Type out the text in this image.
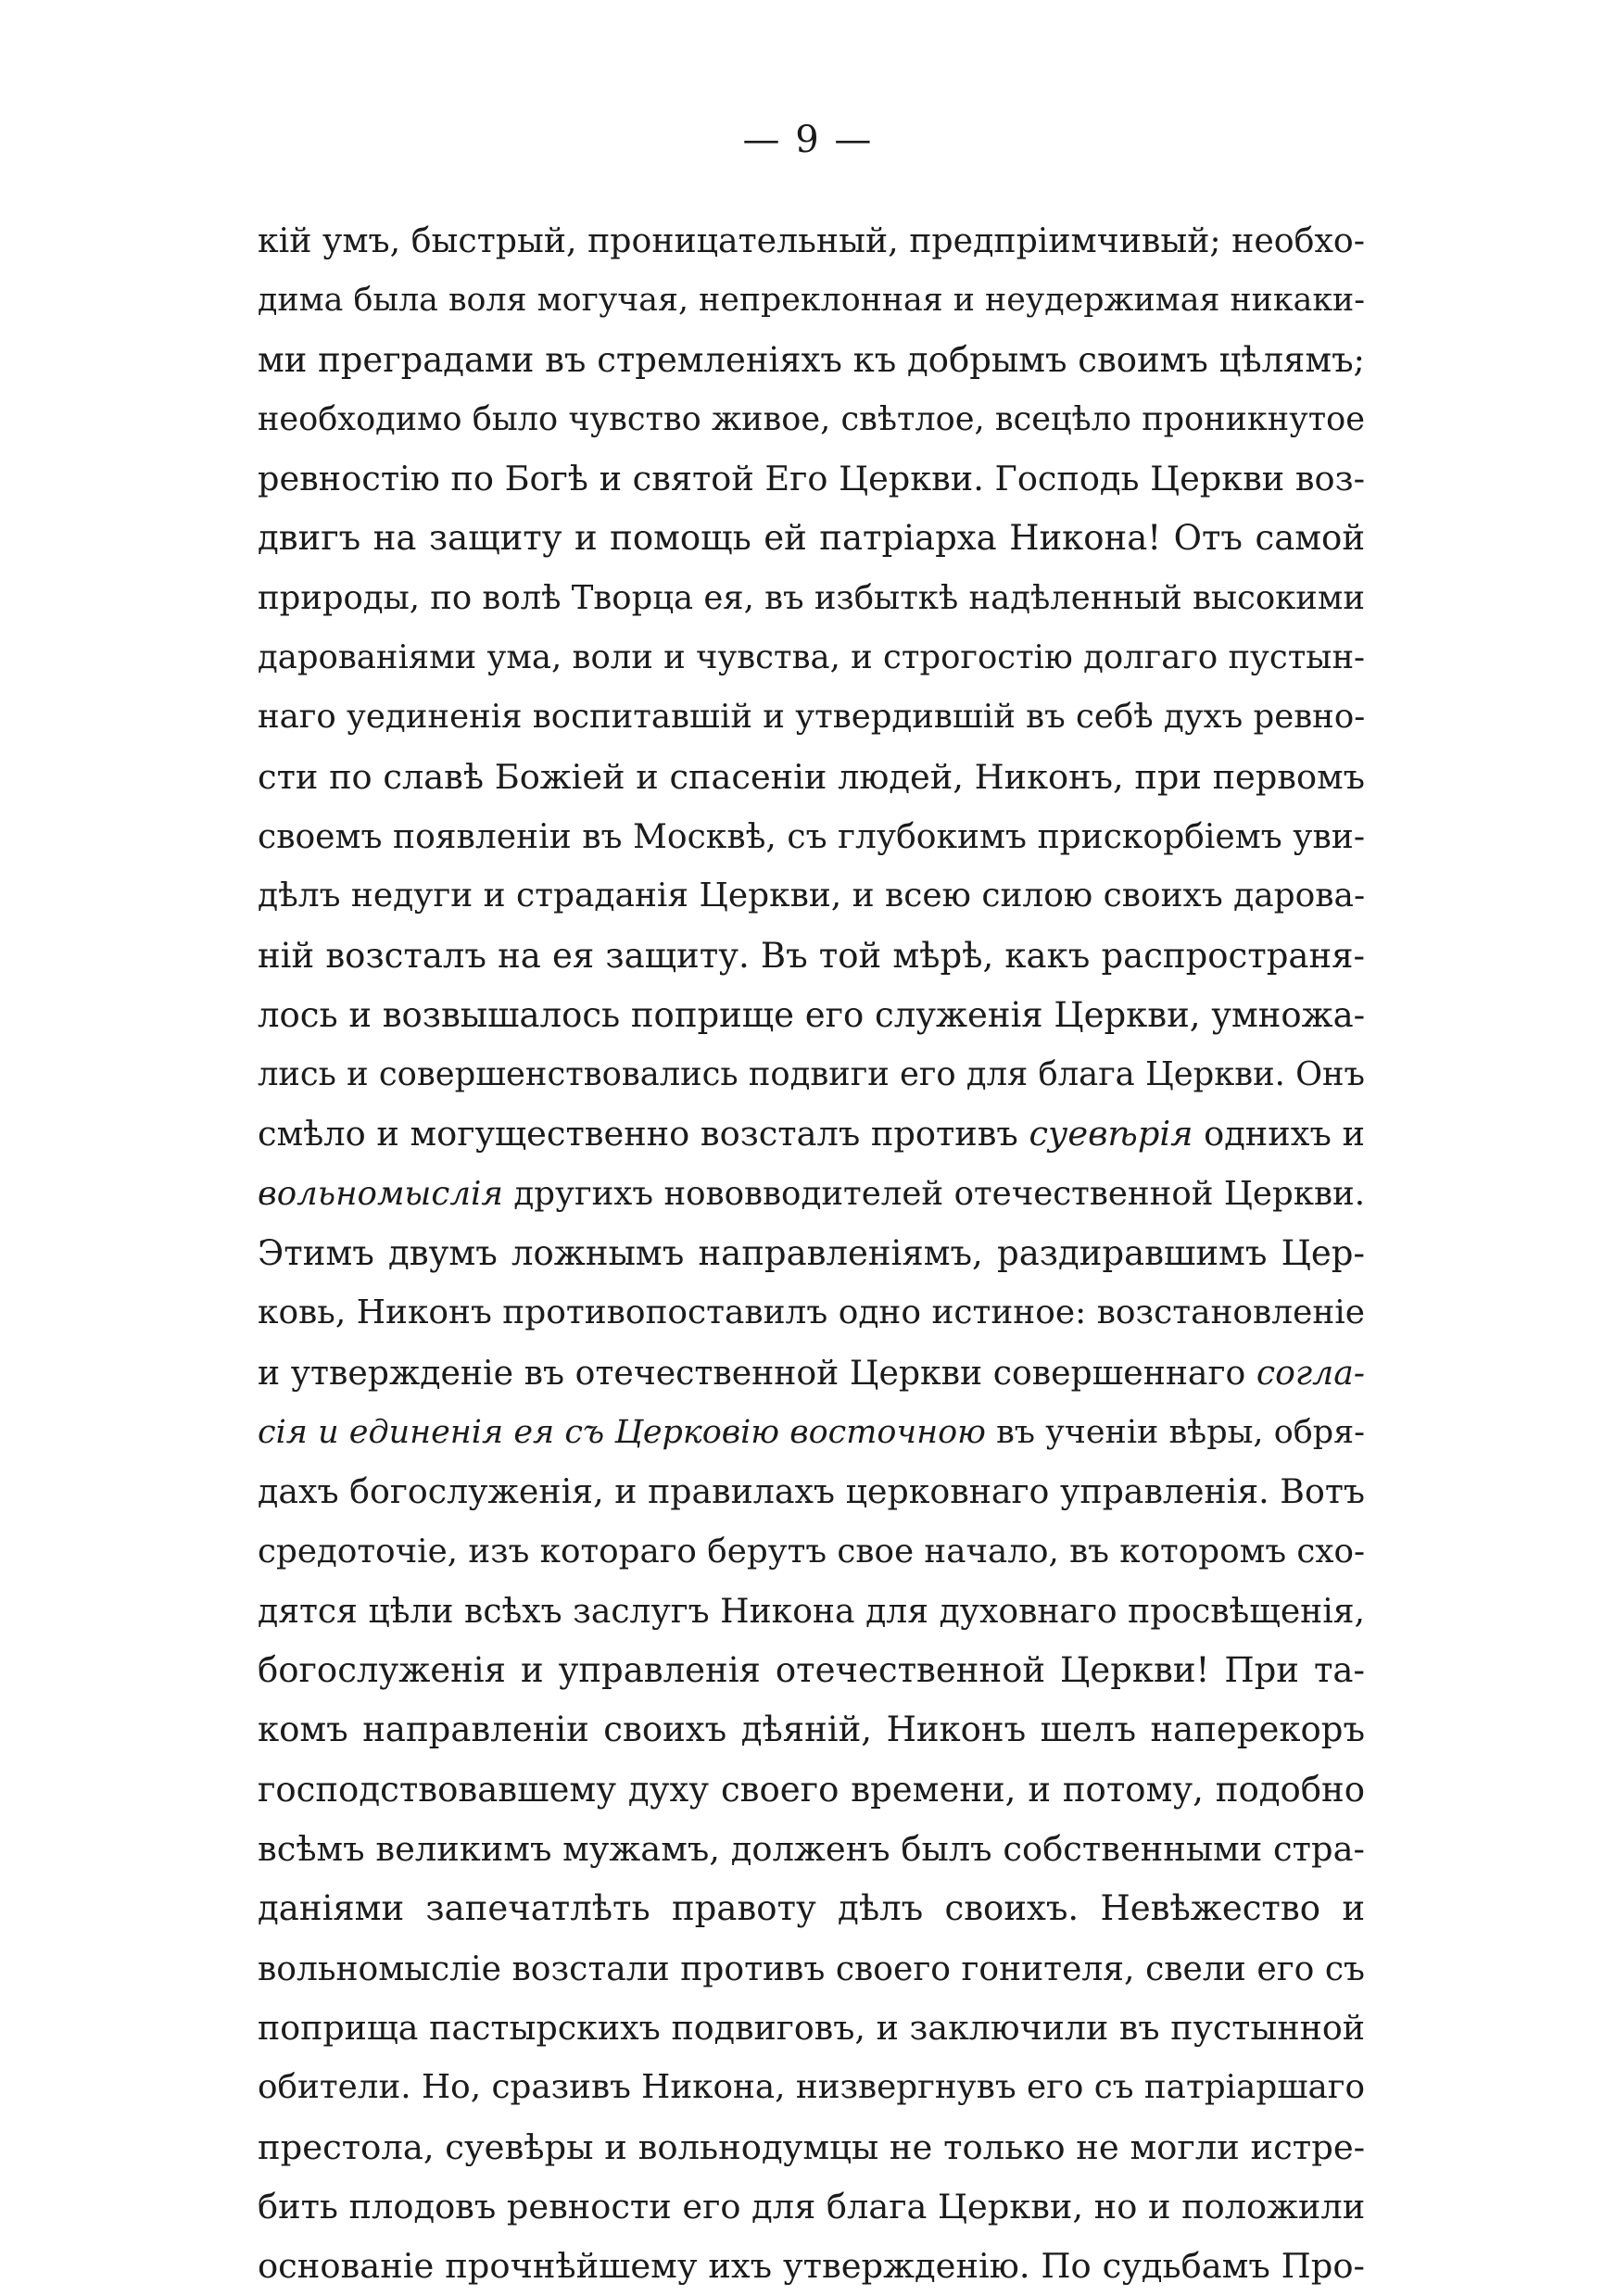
— 9 —
кій умъ, быстрый, проницательный, предпріимчивый; необхо-
дима была воля могучая, непреклонная и неудержимая никаки-
ми преградами въ стремленіяхъ къ добрымъ своимъ цѣлямъ;
необходимо было чувство живое, свѣтлое, всецѣло проникнутое
ревностію по Богѣ и святой Его Церкви. Господь Церкви воз-
двигъ на защиту и помощь ей патріарха Никона! Отъ самой
природы, по волѣ Творца ея, въ избыткѣ надѣленный высокими
дарованіями ума, воли и чувства, и строгостію долгаго пустын-
наго уединенія воспитавшій и утвердившій въ себѣ духъ ревно-
сти по славѣ Божіей и спасеніи людей, Никонъ, при первомъ
своемъ появленіи въ Москвѣ, съ глубокимъ прискорбіемъ уви-
дѣлъ недуги и страданія Церкви, и всею силою своихъ дарова-
ній возсталъ на ея защиту. Въ той мѣрѣ, какъ распространя-
лось и возвышалось поприще его служенія Церкви, умножа-
лись и совершенствовались подвиги его для блага Церкви. Онъ
смѣло и могущественно возсталъ противъ суевѣрія однихъ и
вольномыслія другихъ нововводителей отечественной Церкви.
Этимъ двумъ ложнымъ направленіямъ, раздиравшимъ Цер-
ковь, Никонъ противопоставилъ одно истиное: возстановленіе
и утвержденіе въ отечественной Церкви совершеннаго согла-
сія и единенія ея съ Церковію восточною въ ученіи вѣры, обря-
дахъ богослуженія, и правилахъ церковнаго управленія. Вотъ
средоточіе, изъ котораго берутъ свое начало, въ которомъ схо-
дятся цѣли всѣхъ заслугъ Никона для духовнаго просвѣщенія,
богослуженія и управленія отечественной Церкви! При та-
комъ направленіи своихъ дѣяній, Никонъ шелъ наперекоръ
господствовавшему духу своего времени, и потому, подобно
всѣмъ великимъ мужамъ, долженъ былъ собственными стра-
даніями запечатлѣть правоту дѣлъ своихъ. Невѣжество и
вольномысліе возстали противъ своего гонителя, свели его съ
поприща пастырскихъ подвиговъ, и заключили въ пустынной
обители. Но, сразивъ Никона, низвергнувъ его съ патріаршаго
престола, суевѣры и вольнодумцы не только не могли истре-
бить плодовъ ревности его для блага Церкви, но и положили
основаніе прочнѣйшему ихъ утвержденію. По судьбамъ Про-
